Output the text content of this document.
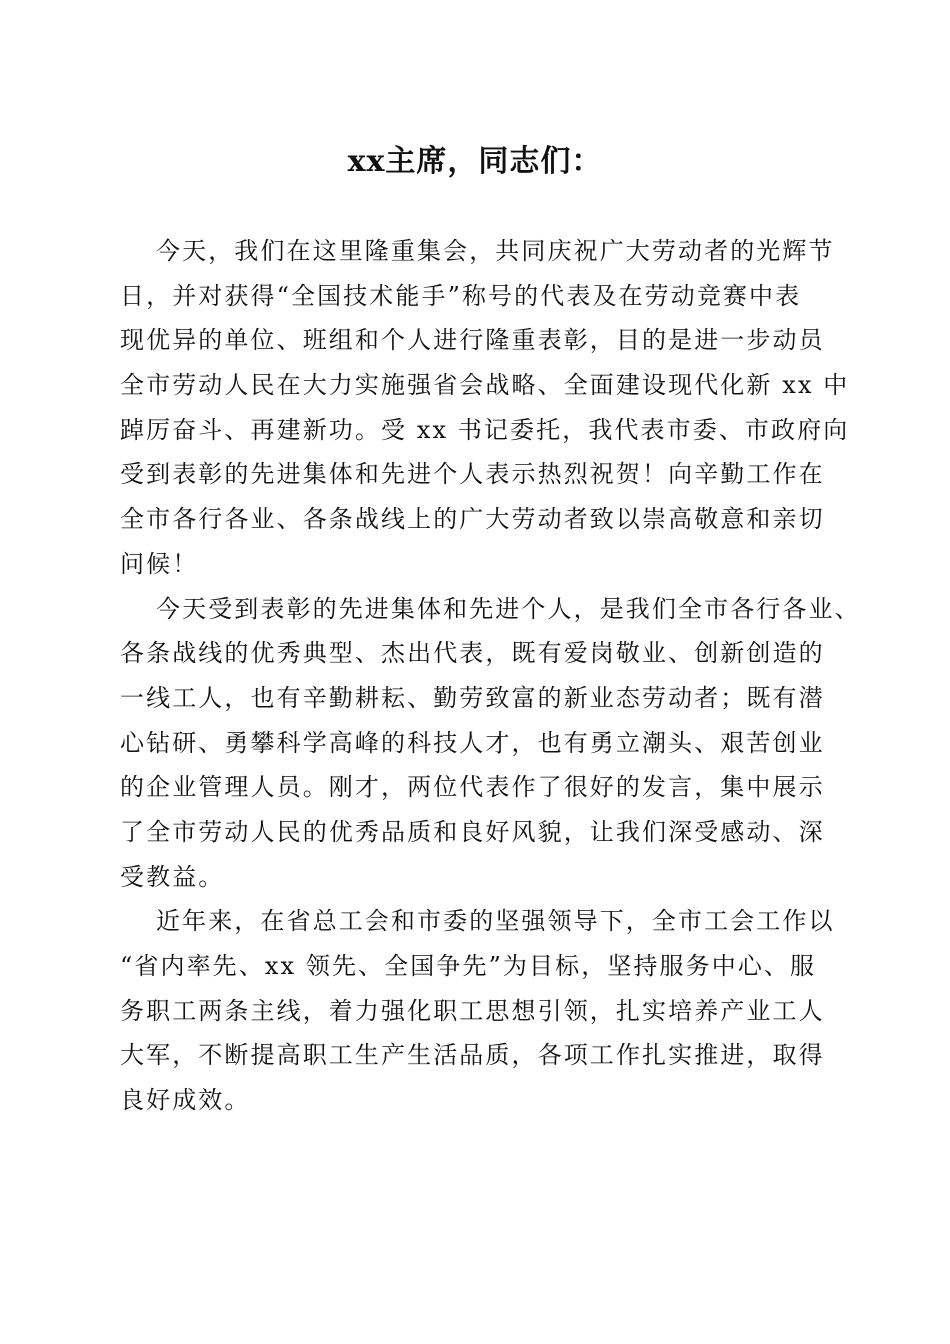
xx主席，同志们：
今天，我们在这里隆重集会，共同庆祝广大劳动者的光辉节
日，并对获得“全国技术能手”称号的代表及在劳动竞赛中表
现优异的单位、班组和个人进行隆重表彰，目的是进一步动员
全市劳动人民在大力实施强省会战略、全面建设现代化新 xx 中
踔厉奋斗、再建新功。受 xx 书记委托，我代表市委、市政府向
受到表彰的先进集体和先进个人表示热烈祝贺！向辛勤工作在
全市各行各业、各条战线上的广大劳动者致以崇高敬意和亲切
问候！
今天受到表彰的先进集体和先进个人，是我们全市各行各业、
各条战线的优秀典型、杰出代表，既有爱岗敬业、创新创造的
一线工人，也有辛勤耕耘、勤劳致富的新业态劳动者；既有潜
心钻研、勇攀科学高峰的科技人才，也有勇立潮头、艰苦创业
的企业管理人员。刚才，两位代表作了很好的发言，集中展示
了全市劳动人民的优秀品质和良好风貌，让我们深受感动、深
受教益。
近年来，在省总工会和市委的坚强领导下，全市工会工作以
“省内率先、xx 领先、全国争先”为目标，坚持服务中心、服
务职工两条主线，着力强化职工思想引领，扎实培养产业工人
大军，不断提高职工生产生活品质，各项工作扎实推进，取得
良好成效。
